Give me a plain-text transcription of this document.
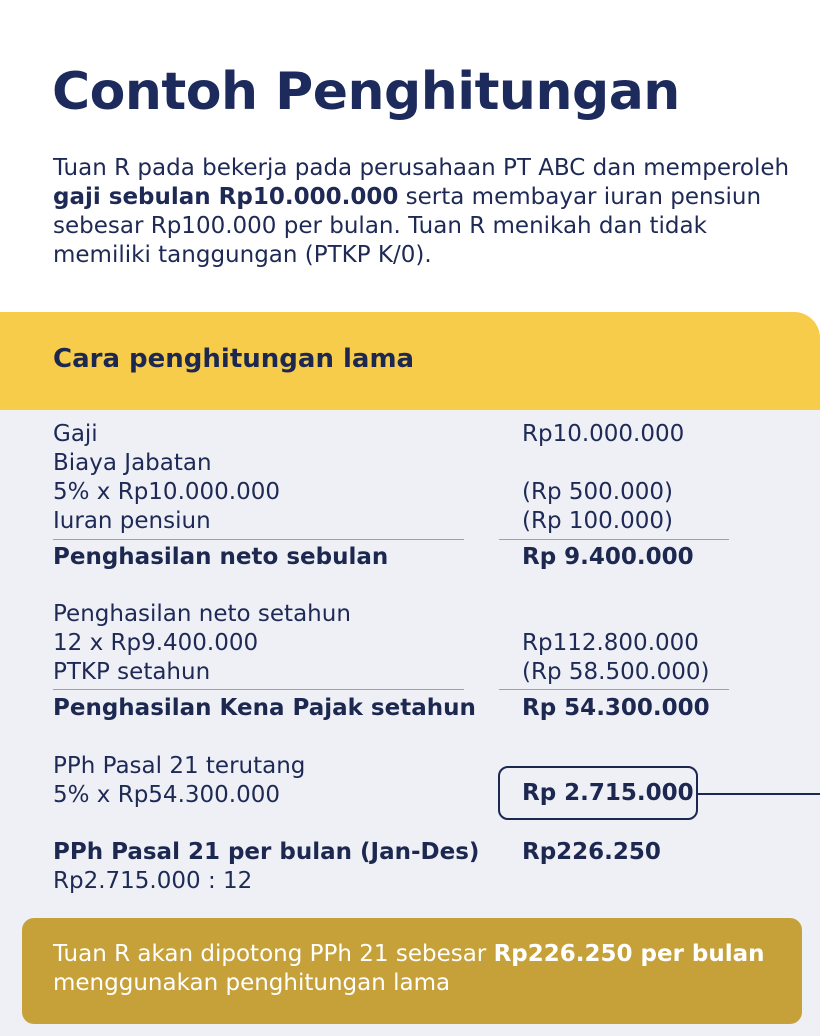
Contoh Penghitungan

Tuan R pada bekerja pada perusahaan PT ABC dan memperoleh gaji sebulan Rp10.000.000 serta membayar iuran pensiun sebesar Rp100.000 per bulan. Tuan R menikah dan tidak memiliki tanggungan (PTKP K/0).

Cara penghitungan lama
Gaji	Rp10.000.000
Biaya Jabatan
5% x Rp10.000.000	(Rp 500.000)
Iuran pensiun	(Rp 100.000)
Penghasilan neto sebulan	Rp 9.400.000
Penghasilan neto setahun
12 x Rp9.400.000	Rp112.800.000
PTKP setahun	(Rp 58.500.000)
Penghasilan Kena Pajak setahun Rp 54.300.000
PPh Pasal 21 terutang
5% x Rp54.300.000	Rp 2.715.000
PPh Pasal 21 per bulan (Jan-Des) Rp226.250
Rp2.715.000 : 12

Tuan R akan dipotong PPh 21 sebesar Rp226.250 per bulan menggunakan penghitungan lama
